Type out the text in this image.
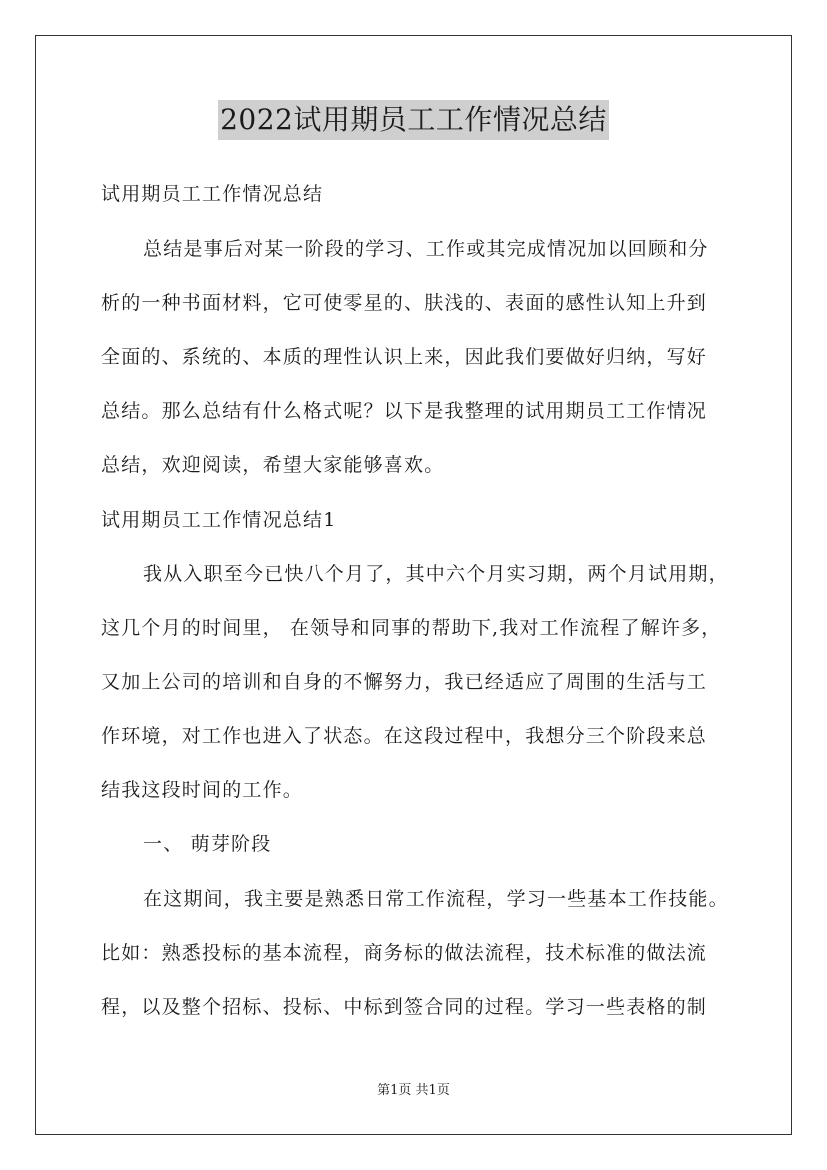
2022试用期员工工作情况总结
试用期员工工作情况总结
总结是事后对某一阶段的学习、工作或其完成情况加以回顾和分
析的一种书面材料，它可使零星的、肤浅的、表面的感性认知上升到
全面的、系统的、本质的理性认识上来，因此我们要做好归纳，写好
总结。那么总结有什么格式呢？以下是我整理的试用期员工工作情况
总结，欢迎阅读，希望大家能够喜欢。
试用期员工工作情况总结1
我从入职至今已快八个月了，其中六个月实习期，两个月试用期，
这几个月的时间里， 在领导和同事的帮助下,我对工作流程了解许多，
又加上公司的培训和自身的不懈努力，我已经适应了周围的生活与工
作环境，对工作也进入了状态。在这段过程中，我想分三个阶段来总
结我这段时间的工作。
一、 萌芽阶段
在这期间，我主要是熟悉日常工作流程，学习一些基本工作技能。
比如：熟悉投标的基本流程，商务标的做法流程，技术标准的做法流
程，以及整个招标、投标、中标到签合同的过程。学习一些表格的制
第1页 共1页
